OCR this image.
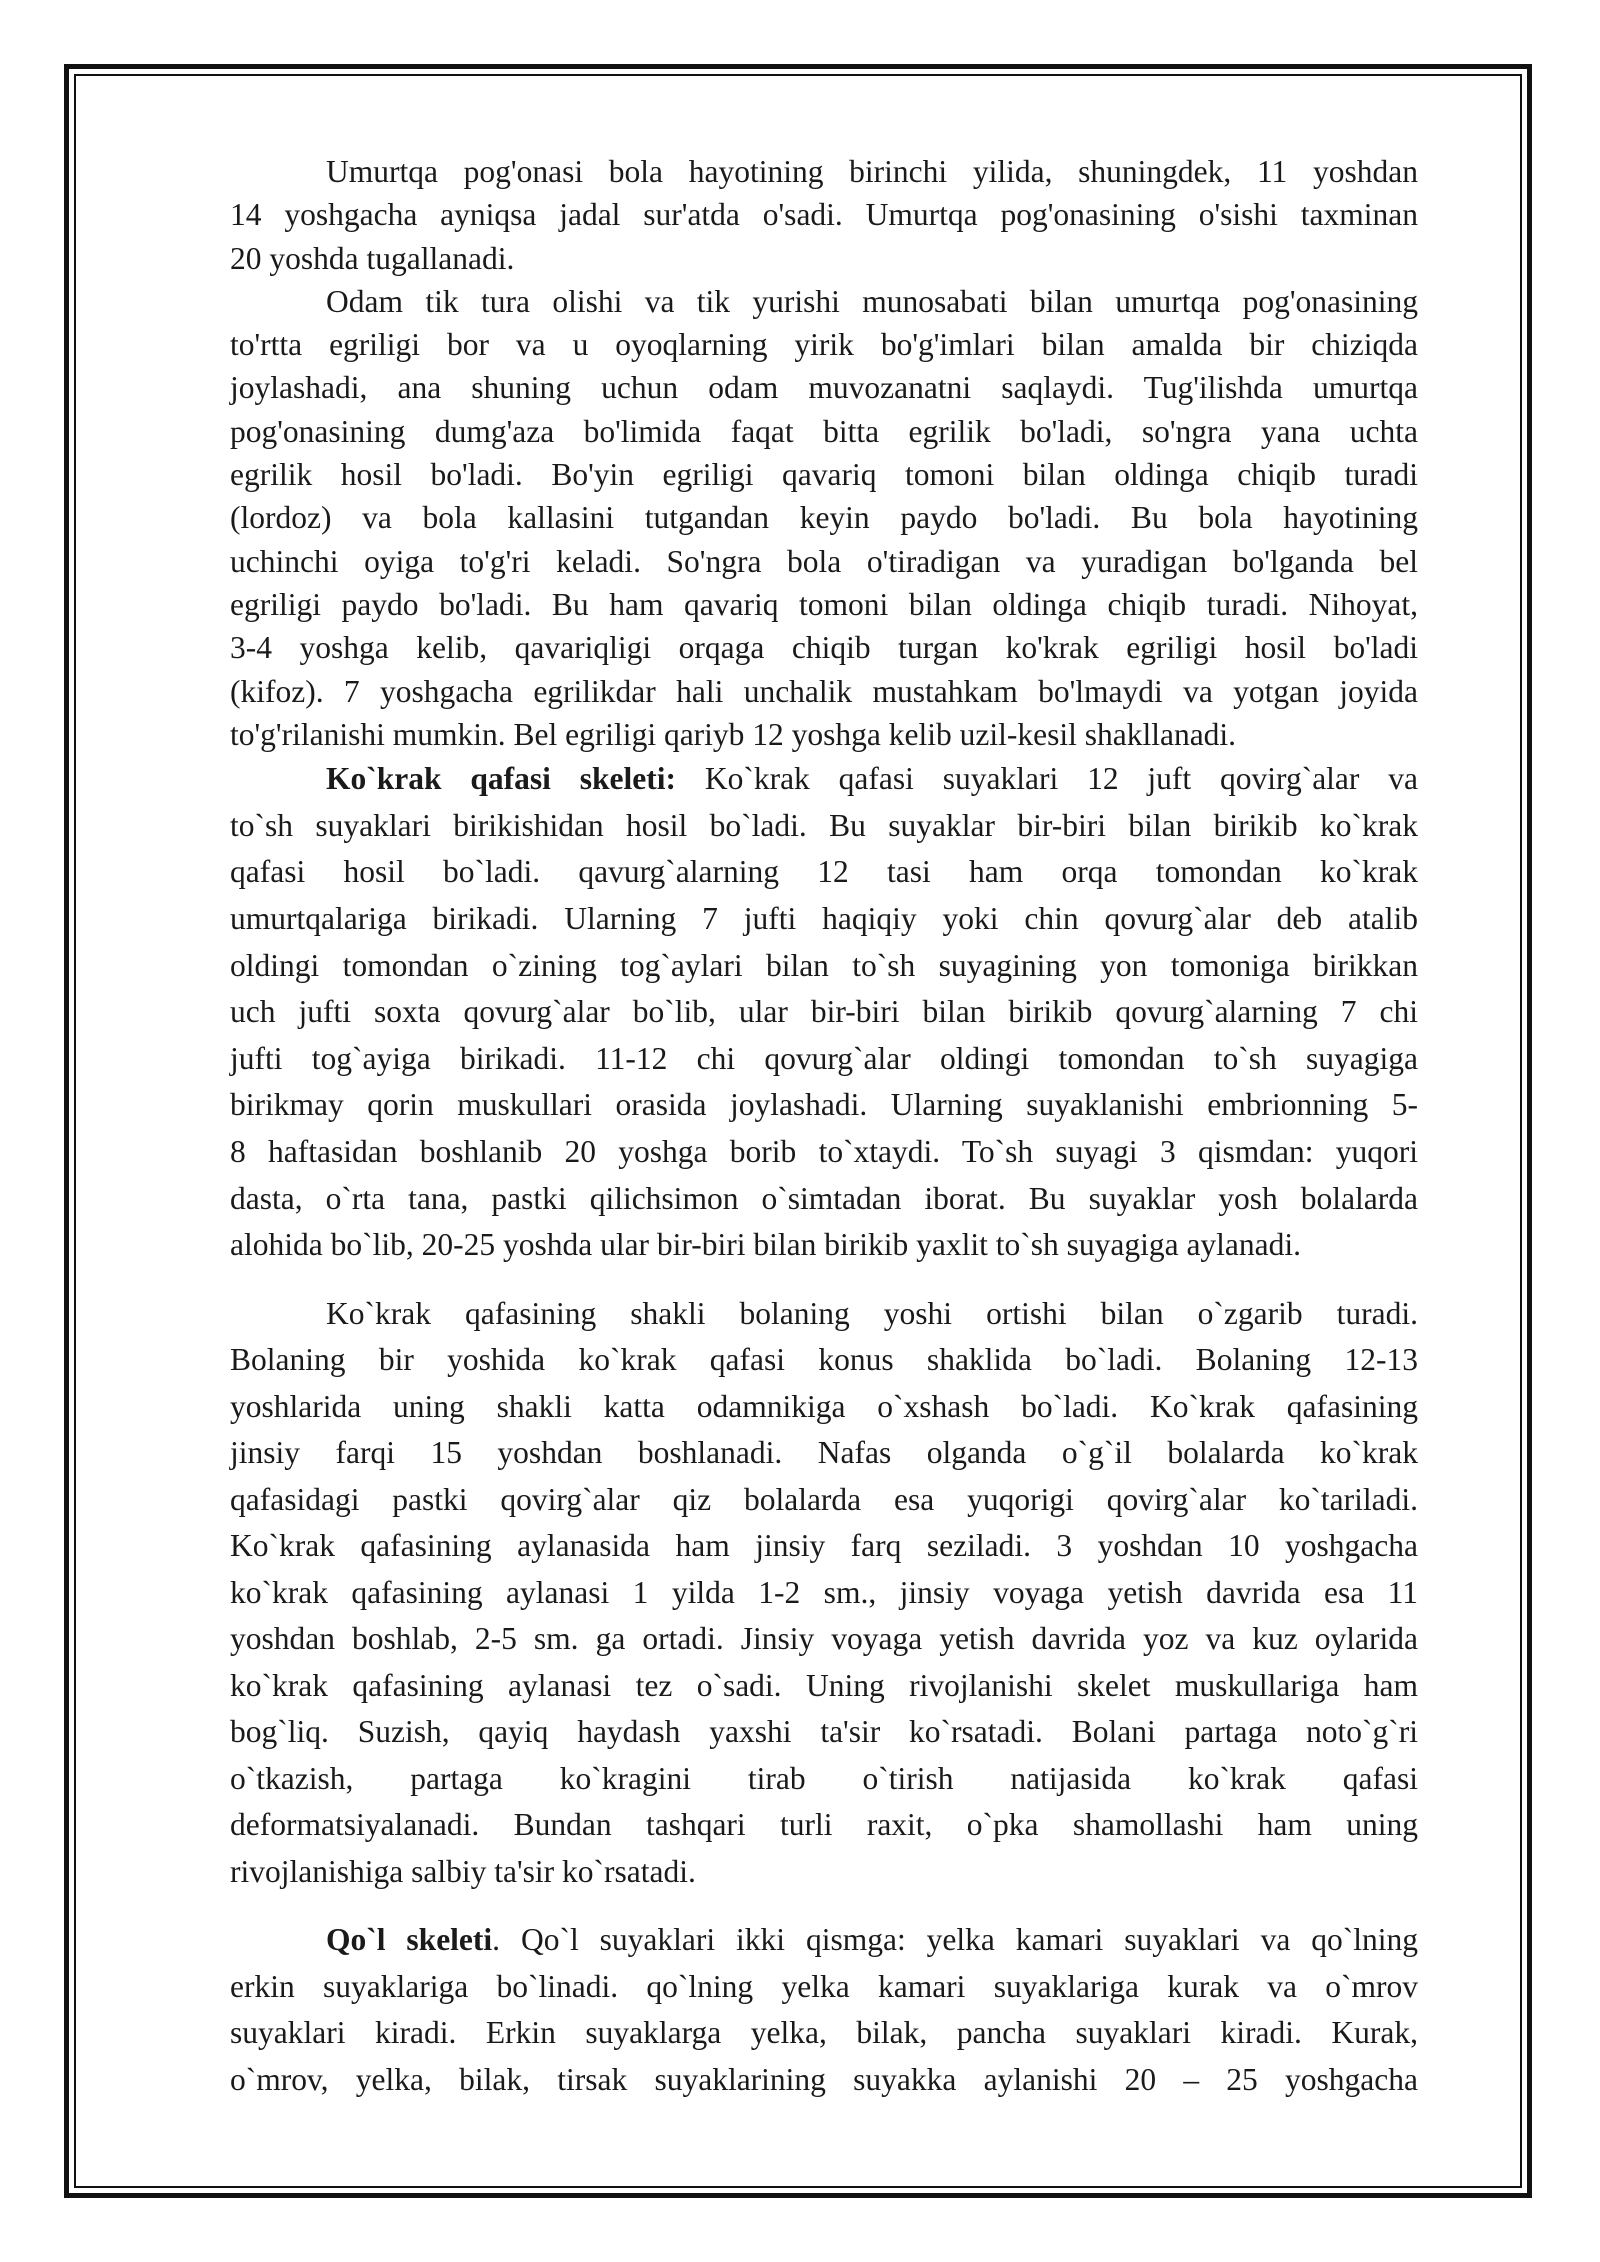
Umurtqa pog'onasi bola hayotining birinchi yilida, shuningdek, 11 yoshdan
14 yoshgacha ayniqsa jadal sur'atda o'sadi. Umurtqa pog'onasining o'sishi taxminan
20 yoshda tugallanadi.

Odam tik tura olishi va tik yurishi munosabati bilan umurtqa pog'onasining
to'rtta egriligi bor va u oyoqlarning yirik bo'g'imlari bilan amalda bir chiziqda
joylashadi, ana shuning uchun odam muvozanatni saqlaydi. Tug'ilishda umurtqa
pog'onasining dumg'aza bo'limida faqat bitta egrilik bo'ladi, so'ngra yana uchta
egrilik hosil bo'ladi. Bo'yin egriligi qavariq tomoni bilan oldinga chiqib turadi
(lordoz) va bola kallasini tutgandan keyin paydo bo'ladi. Bu bola hayotining
uchinchi oyiga to'g'ri keladi. So'ngra bola o'tiradigan va yuradigan bo'lganda bel
egriligi paydo bo'ladi. Bu ham qavariq tomoni bilan oldinga chiqib turadi. Nihoyat,
3-4 yoshga kelib, qavariqligi orqaga chiqib turgan ko'krak egriligi hosil bo'ladi
(kifoz). 7 yoshgacha egrilikdar hali unchalik mustahkam bo'lmaydi va yotgan joyida
to'g'rilanishi mumkin. Bel egriligi qariyb 12 yoshga kelib uzil-kesil shakllanadi.

Ko`krak qafasi skeleti: Ko`krak qafasi suyaklari 12 juft qovirg`alar va
to`sh suyaklari birikishidan hosil bo`ladi. Bu suyaklar bir-biri bilan birikib ko`krak
qafasi hosil bo`ladi. qavurg`alarning 12 tasi ham orqa tomondan ko`krak
umurtqalariga birikadi. Ularning 7 jufti haqiqiy yoki chin qovurg`alar deb atalib
oldingi tomondan o`zining tog`aylari bilan to`sh suyagining yon tomoniga birikkan
uch jufti soxta qovurg`alar bo`lib, ular bir-biri bilan birikib qovurg`alarning 7 chi
jufti tog`ayiga birikadi. 11-12 chi qovurg`alar oldingi tomondan to`sh suyagiga
birikmay qorin muskullari orasida joylashadi. Ularning suyaklanishi embrionning 5-
8 haftasidan boshlanib 20 yoshga borib to`xtaydi. To`sh suyagi 3 qismdan: yuqori
dasta, o`rta tana, pastki qilichsimon o`simtadan iborat. Bu suyaklar yosh bolalarda
alohida bo`lib, 20-25 yoshda ular bir-biri bilan birikib yaxlit to`sh suyagiga aylanadi.

Ko`krak qafasining shakli bolaning yoshi ortishi bilan o`zgarib turadi.
Bolaning bir yoshida ko`krak qafasi konus shaklida bo`ladi. Bolaning 12-13
yoshlarida uning shakli katta odamnikiga o`xshash bo`ladi. Ko`krak qafasining
jinsiy farqi 15 yoshdan boshlanadi. Nafas olganda o`g`il bolalarda ko`krak
qafasidagi pastki qovirg`alar qiz bolalarda esa yuqorigi qovirg`alar ko`tariladi.
Ko`krak qafasining aylanasida ham jinsiy farq seziladi. 3 yoshdan 10 yoshgacha
ko`krak qafasining aylanasi 1 yilda 1-2 sm., jinsiy voyaga yetish davrida esa 11
yoshdan boshlab, 2-5 sm. ga ortadi. Jinsiy voyaga yetish davrida yoz va kuz oylarida
ko`krak qafasining aylanasi tez o`sadi. Uning rivojlanishi skelet muskullariga ham
bog`liq. Suzish, qayiq haydash yaxshi ta'sir ko`rsatadi. Bolani partaga noto`g`ri
o`tkazish, partaga ko`kragini tirab o`tirish natijasida ko`krak qafasi
deformatsiyalanadi. Bundan tashqari turli raxit, o`pka shamollashi ham uning
rivojlanishiga salbiy ta'sir ko`rsatadi.

Qo`l skeleti. Qo`l suyaklari ikki qismga: yelka kamari suyaklari va qo`lning
erkin suyaklariga bo`linadi. qo`lning yelka kamari suyaklariga kurak va o`mrov
suyaklari kiradi. Erkin suyaklarga yelka, bilak, pancha suyaklari kiradi. Kurak,
o`mrov, yelka, bilak, tirsak suyaklarining suyakka aylanishi 20 – 25 yoshgacha
